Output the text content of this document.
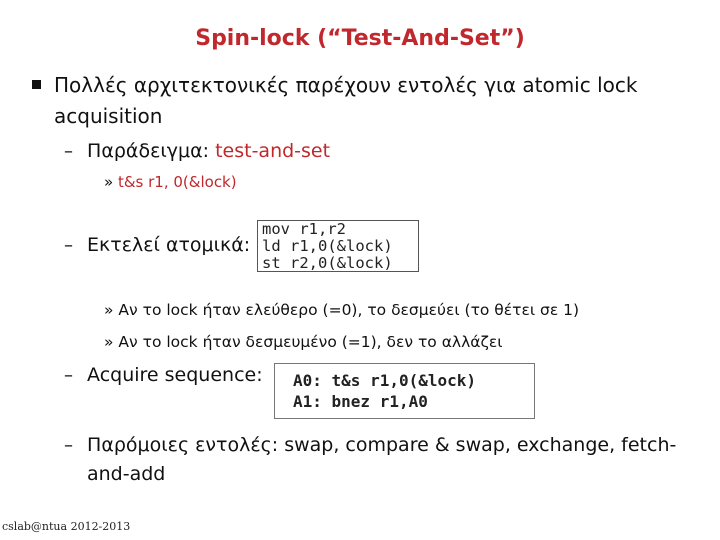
Spin-lock (“Test-And-Set”)
Πολλές αρχιτεκτονικές παρέχουν εντολές για atomic lock acquisition
– Παράδειγμα: test-and-set
» t&s r1, 0(&lock)
– Εκτελεί ατομικά:
mov r1,r2
ld r1,0(&lock)
st r2,0(&lock)
» Αν το lock ήταν ελεύθερο (=0), το δεσμεύει (το θέτει σε 1)
» Αν το lock ήταν δεσμευμένο (=1), δεν το αλλάζει
– Acquire sequence: A0: t&s r1,0(&lock)
A1: bnez r1,A0
– Παρόμοιες εντολές: swap, compare & swap, exchange, fetch-
and-add
cslab@ntua 2012-2013
